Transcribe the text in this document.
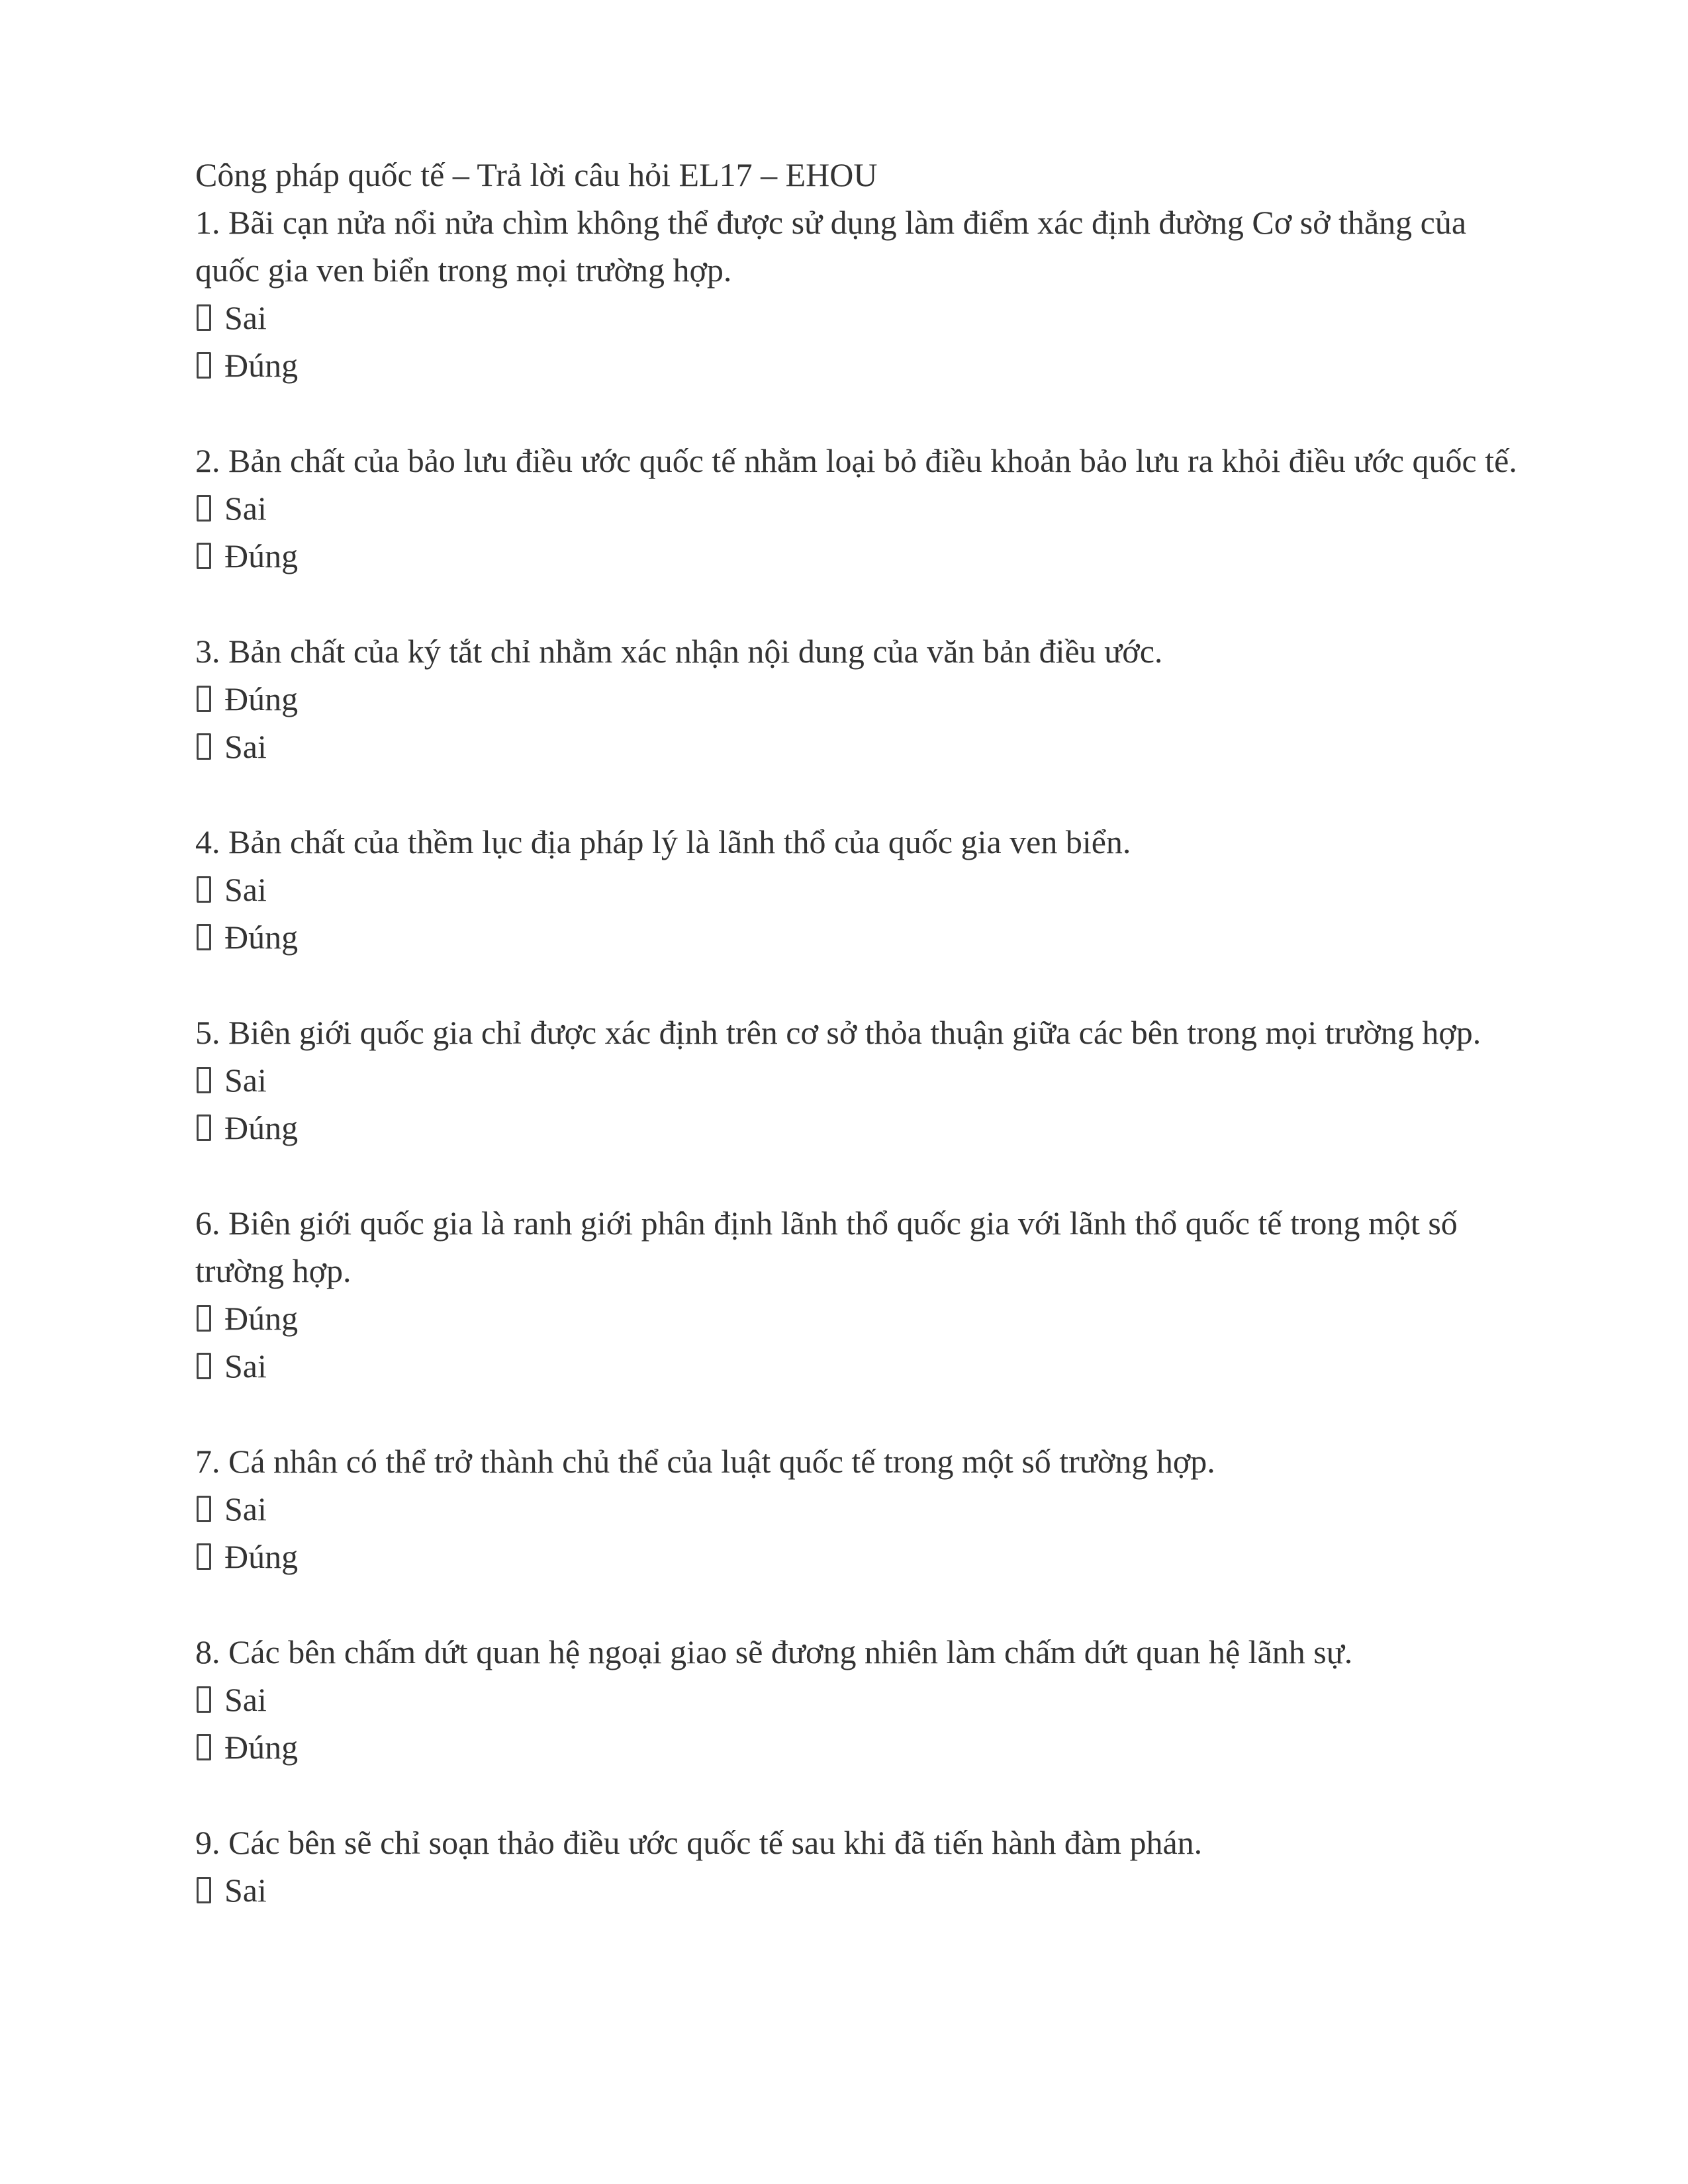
Công pháp quốc tế – Trả lời câu hỏi EL17 – EHOU

1. Bãi cạn nửa nổi nửa chìm không thể được sử dụng làm điểm xác định đường Cơ sở thẳng của quốc gia ven biển trong mọi trường hợp.

Sai
Đúng

2. Bản chất của bảo lưu điều ước quốc tế nhằm loại bỏ điều khoản bảo lưu ra khỏi điều ước quốc tế.

Sai
Đúng

3. Bản chất của ký tắt chỉ nhằm xác nhận nội dung của văn bản điều ước.

Đúng
Sai

4. Bản chất của thềm lục địa pháp lý là lãnh thổ của quốc gia ven biển.

Sai
Đúng

5. Biên giới quốc gia chỉ được xác định trên cơ sở thỏa thuận giữa các bên trong mọi trường hợp.

Sai
Đúng

6. Biên giới quốc gia là ranh giới phân định lãnh thổ quốc gia với lãnh thổ quốc tế trong một số trường hợp.

Đúng
Sai

7. Cá nhân có thể trở thành chủ thể của luật quốc tế trong một số trường hợp.

Sai
Đúng

8. Các bên chấm dứt quan hệ ngoại giao sẽ đương nhiên làm chấm dứt quan hệ lãnh sự.

Sai
Đúng

9. Các bên sẽ chỉ soạn thảo điều ước quốc tế sau khi đã tiến hành đàm phán.

Sai
